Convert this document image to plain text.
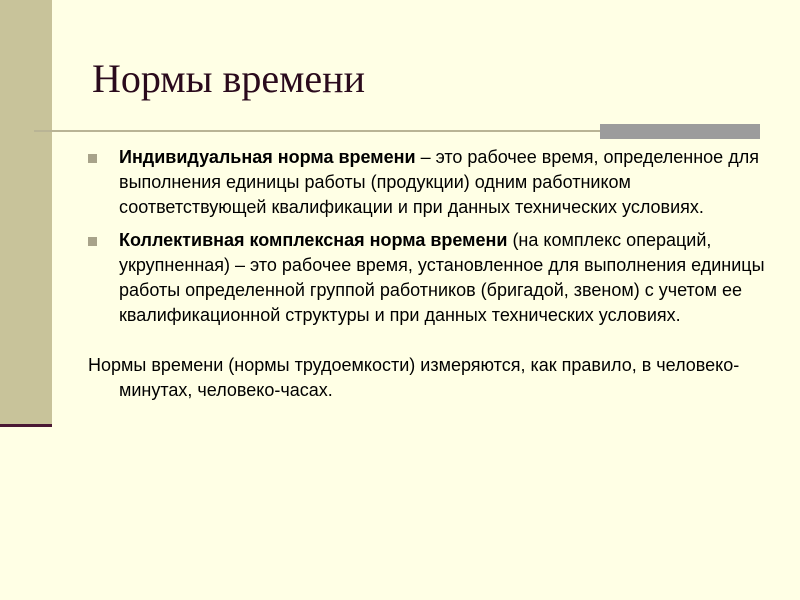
Нормы времени
Индивидуальная норма времени – это рабочее время, определенное для выполнения единицы работы (продукции) одним работником соответствующей квалификации и при данных технических условиях.
Коллективная комплексная норма времени (на комплекс операций, укрупненная) – это рабочее время, установленное для выполнения единицы работы определенной группой работников (бригадой, звеном) с учетом ее квалификационной структуры и при данных технических условиях.
Нормы времени (нормы трудоемкости) измеряются, как правило, в человеко-минутах, человеко-часах.
